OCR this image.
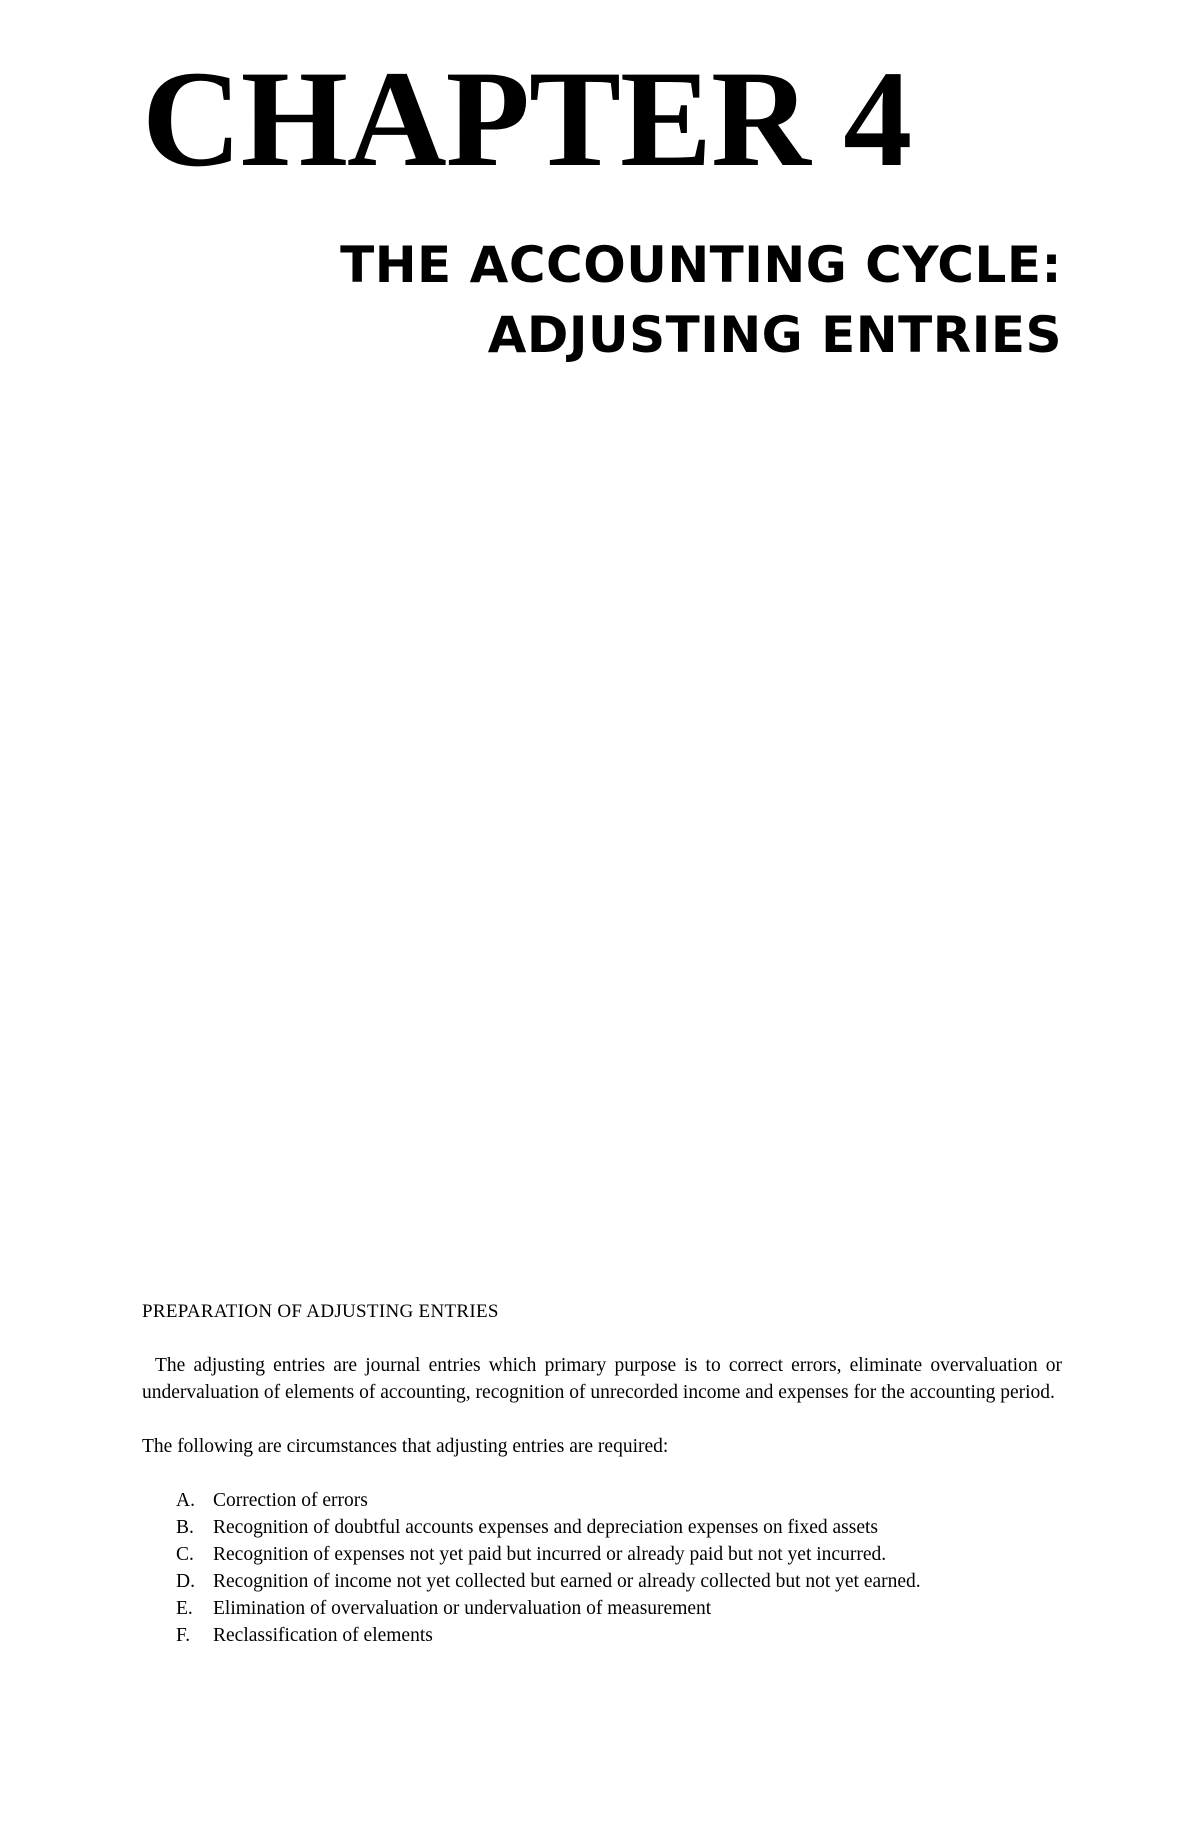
CHAPTER 4
THE ACCOUNTING CYCLE:
ADJUSTING ENTRIES
PREPARATION OF ADJUSTING ENTRIES

The adjusting entries are journal entries which primary purpose is to correct errors, eliminate overvaluation or undervaluation of elements of accounting, recognition of unrecorded income and expenses for the accounting period.

The following are circumstances that adjusting entries are required:

A. Correction of errors
B. Recognition of doubtful accounts expenses and depreciation expenses on fixed assets
C. Recognition of expenses not yet paid but incurred or already paid but not yet incurred.
D. Recognition of income not yet collected but earned or already collected but not yet earned.
E.	Elimination of overvaluation or undervaluation of measurement
F.	Reclassification of elements
